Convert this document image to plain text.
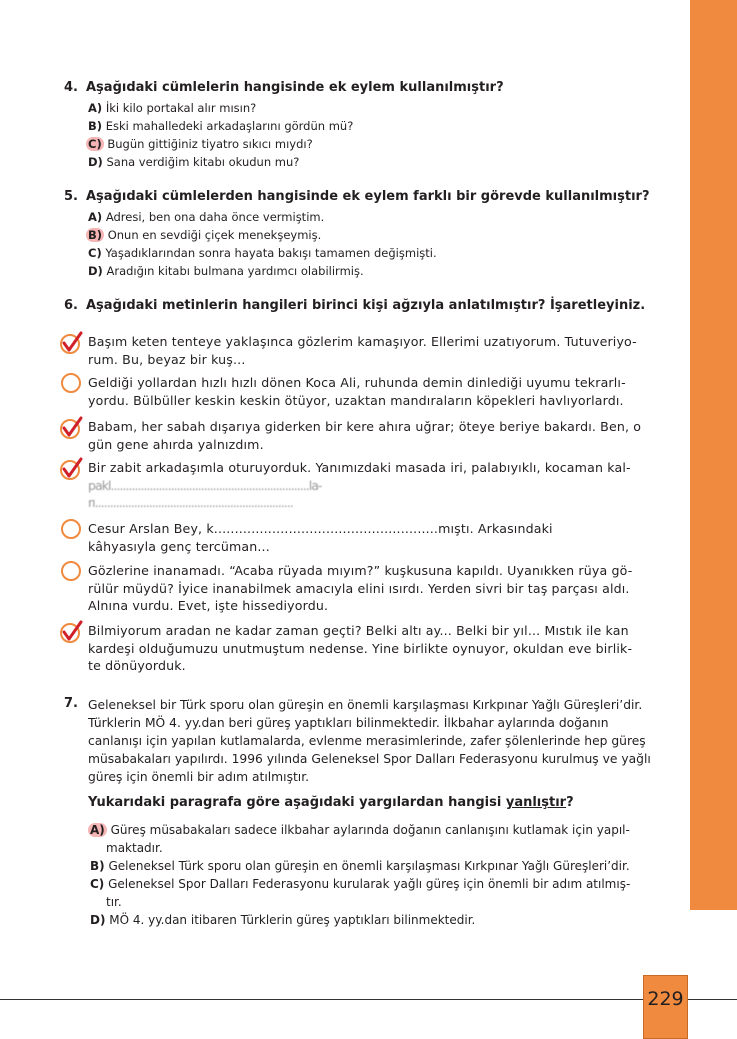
4. Aşağıdaki cümlelerin hangisinde ek eylem kullanılmıştır?
A) İki kilo portakal alır mısın?
B) Eski mahalledeki arkadaşlarını gördün mü?
C) Bugün gittiğiniz tiyatro sıkıcı mıydı?
D) Sana verdiğim kitabı okudun mu?
5. Aşağıdaki cümlelerden hangisinde ek eylem farklı bir görevde kullanılmıştır?
A) Adresi, ben ona daha önce vermiştim.
B) Onun en sevdiği çiçek menekşeymiş.
C) Yaşadıklarından sonra hayata bakışı tamamen değişmişti.
D) Aradığın kitabı bulmana yardımcı olabilirmiş.
6. Aşağıdaki metinlerin hangileri birinci kişi ağzıyla anlatılmıştır? İşaretleyiniz.
Başım keten tenteye yaklaşınca gözlerim kamaşıyor. Ellerimi uzatıyorum. Tutuveriyo-
rum. Bu, beyaz bir kuş...
Geldiği yollardan hızlı hızlı dönen Koca Ali, ruhunda demin dinlediği uyumu tekrarlı-
yordu. Bülbüller keskin keskin ötüyor, uzaktan mandıraların köpekleri havlıyorlardı.
Babam, her sabah dışarıya giderken bir kere ahıra uğrar; öteye beriye bakardı. Ben, o
gün gene ahırda yalnızdım.
Bir zabit arkadaşımla oturuyorduk. Yanımızdaki masada iri, palabıyıklı, kocaman kal-
pakl..................................................................la-
rı..................................................................
Cesur Arslan Bey, k......................................................mıştı. Arkasındaki
kâhyasıyla genç tercüman...
Gözlerine inanamadı. “Acaba rüyada mıyım?” kuşkusuna kapıldı. Uyanıkken rüya gö-
rülür müydü? İyice inanabilmek amacıyla elini ısırdı. Yerden sivri bir taş parçası aldı.
Alnına vurdu. Evet, işte hissediyordu.
Bilmiyorum aradan ne kadar zaman geçti? Belki altı ay... Belki bir yıl... Mıstık ile kan
kardeşi olduğumuzu unutmuştum nedense. Yine birlikte oynuyor, okuldan eve birlik-
te dönüyorduk.
7. Geleneksel bir Türk sporu olan güreşin en önemli karşılaşması Kırkpınar Yağlı Güreşleri’dir.
Türklerin MÖ 4. yy.dan beri güreş yaptıkları bilinmektedir. İlkbahar aylarında doğanın
canlanışı için yapılan kutlamalarda, evlenme merasimlerinde, zafer şölenlerinde hep güreş
müsabakaları yapılırdı. 1996 yılında Geleneksel Spor Dalları Federasyonu kurulmuş ve yağlı
güreş için önemli bir adım atılmıştır.
Yukarıdaki paragrafa göre aşağıdaki yargılardan hangisi yanlıştır?
A) Güreş müsabakaları sadece ilkbahar aylarında doğanın canlanışını kutlamak için yapıl-
maktadır.
B) Geleneksel Türk sporu olan güreşin en önemli karşılaşması Kırkpınar Yağlı Güreşleri’dir.
C) Geleneksel Spor Dalları Federasyonu kurularak yağlı güreş için önemli bir adım atılmış-
tır.
D) MÖ 4. yy.dan itibaren Türklerin güreş yaptıkları bilinmektedir.
229
